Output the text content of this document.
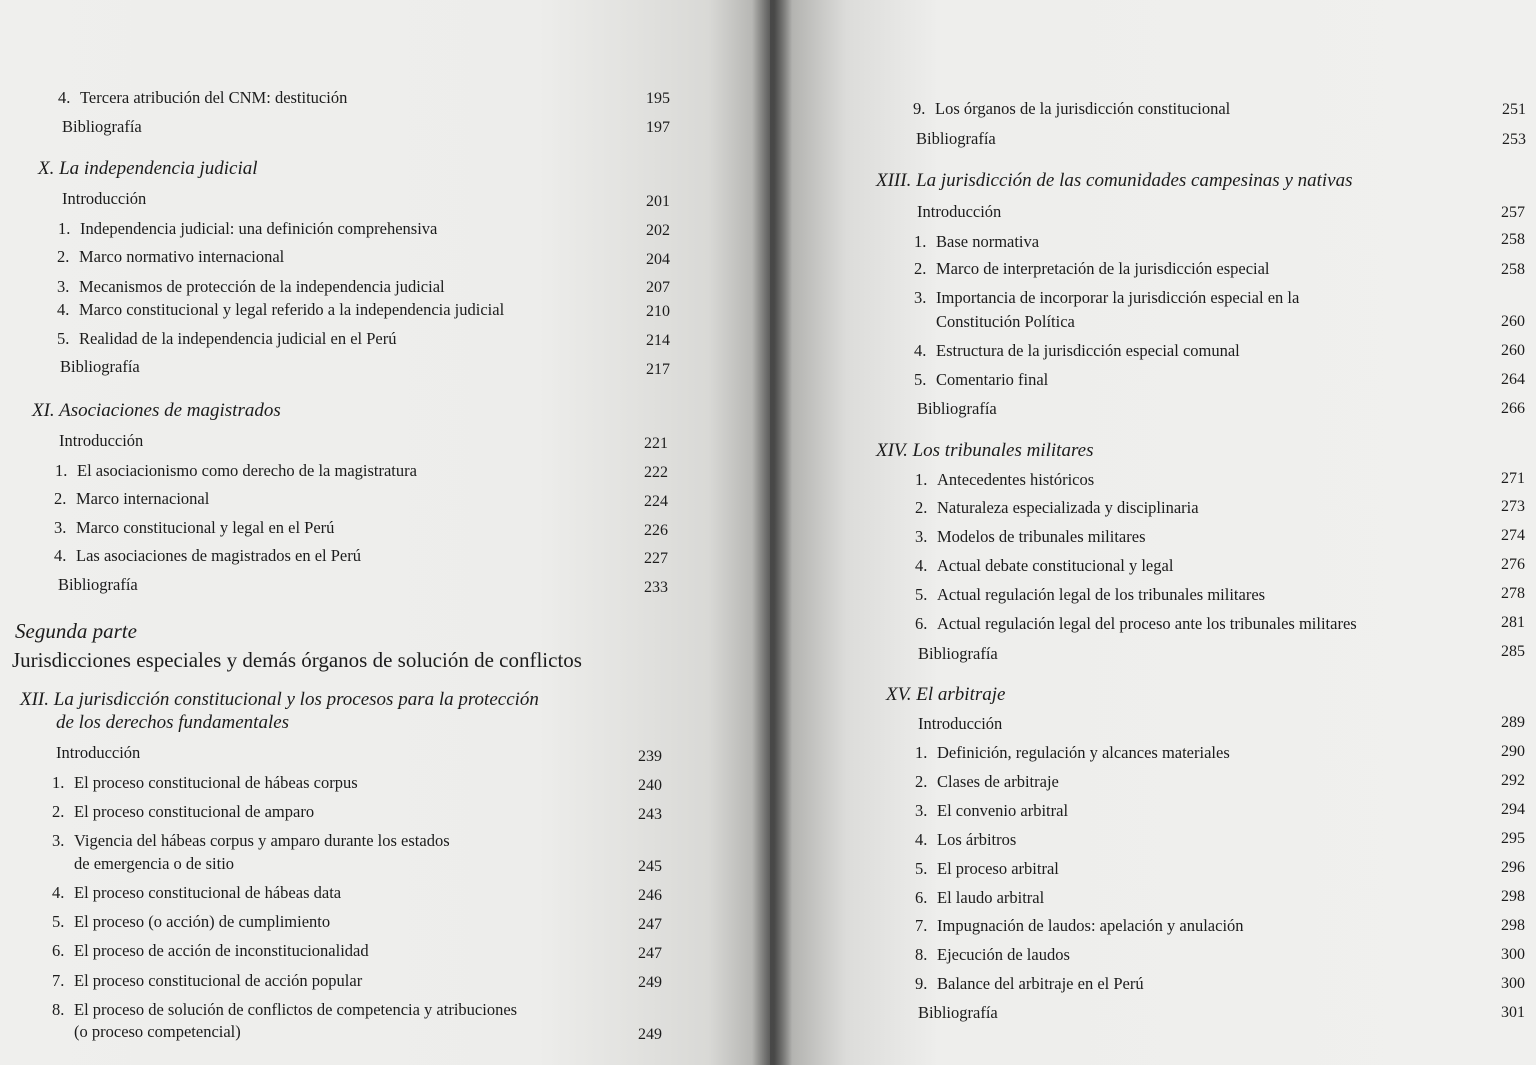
4. Tercera atribución del CNM: destitución	195
Bibliografía	197
X. La independencia judicial
Introducción	201
1. Independencia judicial: una definición comprehensiva	202
2. Marco normativo internacional	204
3. Mecanismos de protección de la independencia judicial	207
4. Marco constitucional y legal referido a la independencia judicial	210
5. Realidad de la independencia judicial en el Perú	214
Bibliografía	217
XI. Asociaciones de magistrados
Introducción	221
1. El asociacionismo como derecho de la magistratura	222
2. Marco internacional	224
3. Marco constitucional y legal en el Perú	226
4. Las asociaciones de magistrados en el Perú	227
Bibliografía	233
Segunda parte
Jurisdicciones especiales y demás órganos de solución de conflictos
XII. La jurisdicción constitucional y los procesos para la protección
de los derechos fundamentales
Introducción	239
1. El proceso constitucional de hábeas corpus	240
2. El proceso constitucional de amparo	243
3. Vigencia del hábeas corpus y amparo durante los estados
de emergencia o de sitio	245
4. El proceso constitucional de hábeas data	246
5. El proceso (o acción) de cumplimiento	247
6. El proceso de acción de inconstitucionalidad	247
7. El proceso constitucional de acción popular	249
8. El proceso de solución de conflictos de competencia y atribuciones
(o proceso competencial)	249
9. Los órganos de la jurisdicción constitucional	251
Bibliografía	253
XIII. La jurisdicción de las comunidades campesinas y nativas
Introducción	257
1. Base normativa	258
2. Marco de interpretación de la jurisdicción especial	258
3. Importancia de incorporar la jurisdicción especial en la
Constitución Política	260
4. Estructura de la jurisdicción especial comunal	260
5. Comentario final	264
Bibliografía	266
XIV. Los tribunales militares
1. Antecedentes históricos	271
2. Naturaleza especializada y disciplinaria	273
3. Modelos de tribunales militares	274
4. Actual debate constitucional y legal	276
5. Actual regulación legal de los tribunales militares	278
6. Actual regulación legal del proceso ante los tribunales militares	281
Bibliografía	285
XV. El arbitraje
Introducción	289
1. Definición, regulación y alcances materiales	290
2. Clases de arbitraje	292
3. El convenio arbitral	294
4. Los árbitros	295
5. El proceso arbitral	296
6. El laudo arbitral	298
7. Impugnación de laudos: apelación y anulación	298
8. Ejecución de laudos	300
9. Balance del arbitraje en el Perú	300
Bibliografía	301
